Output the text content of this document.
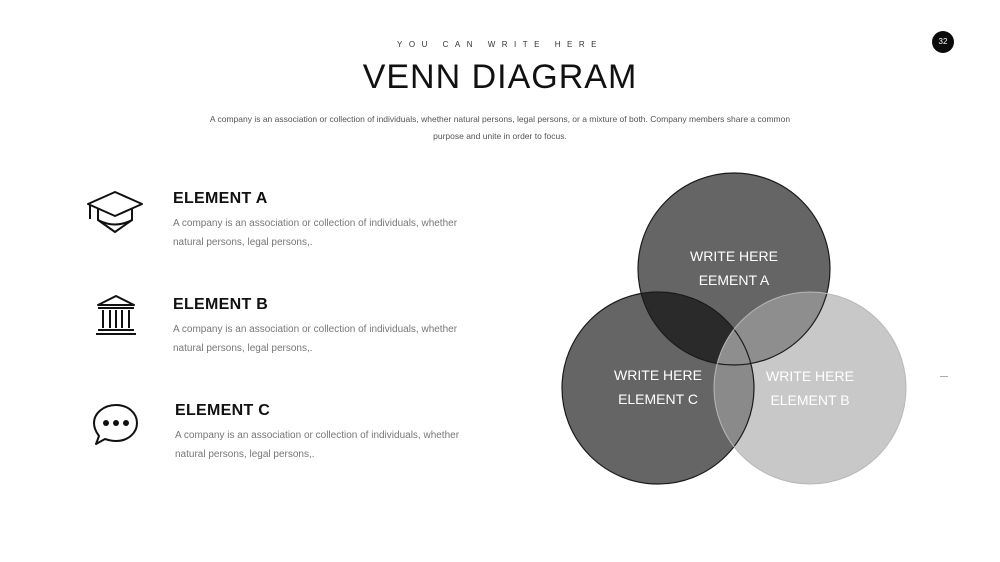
YOU CAN WRITE HERE
VENN DIAGRAM
A company is an association or collection of individuals, whether natural persons, legal persons, or a mixture of both. Company members share a common purpose and unite in order to focus.
32
ELEMENT A
A company is an association or collection of individuals, whether natural persons, legal persons,.
ELEMENT B
A company is an association or collection of individuals, whether natural persons, legal persons,.
ELEMENT C
A company is an association or collection of individuals, whether natural persons, legal persons,.
WRITE HERE
EEMENT A
WRITE HERE
ELEMENT C
WRITE HERE
ELEMENT B
